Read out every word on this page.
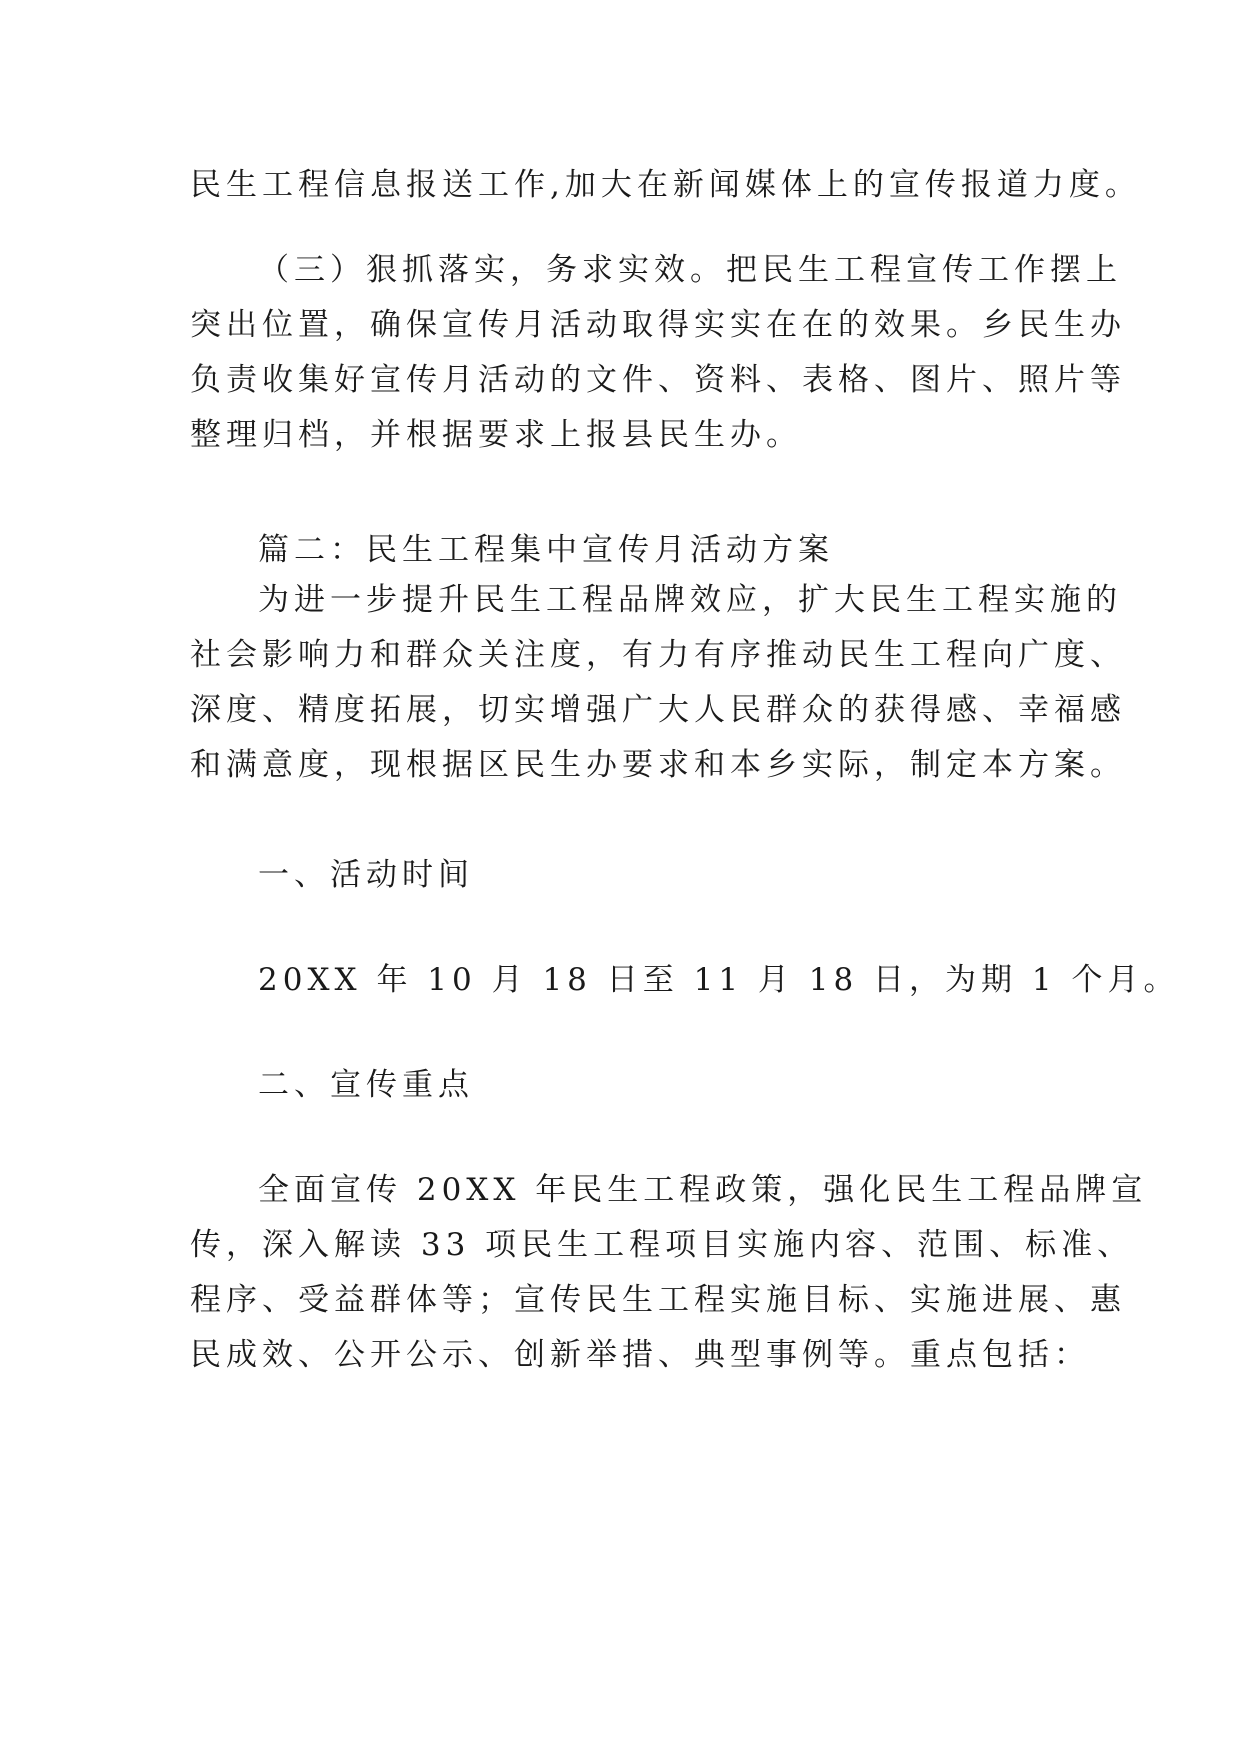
民生工程信息报送工作,加大在新闻媒体上的宣传报道力度。
（三）狠抓落实，务求实效。把民生工程宣传工作摆上
突出位置，确保宣传月活动取得实实在在的效果。乡民生办
负责收集好宣传月活动的文件、资料、表格、图片、照片等
整理归档，并根据要求上报县民生办。
篇二：民生工程集中宣传月活动方案
为进一步提升民生工程品牌效应，扩大民生工程实施的
社会影响力和群众关注度，有力有序推动民生工程向广度、
深度、精度拓展，切实增强广大人民群众的获得感、幸福感
和满意度，现根据区民生办要求和本乡实际，制定本方案。
一、活动时间
20XX 年 10 月 18 日至 11 月 18 日，为期 1 个月。
二、宣传重点
全面宣传 20XX 年民生工程政策，强化民生工程品牌宣
传，深入解读 33 项民生工程项目实施内容、范围、标准、
程序、受益群体等；宣传民生工程实施目标、实施进展、惠
民成效、公开公示、创新举措、典型事例等。重点包括：
